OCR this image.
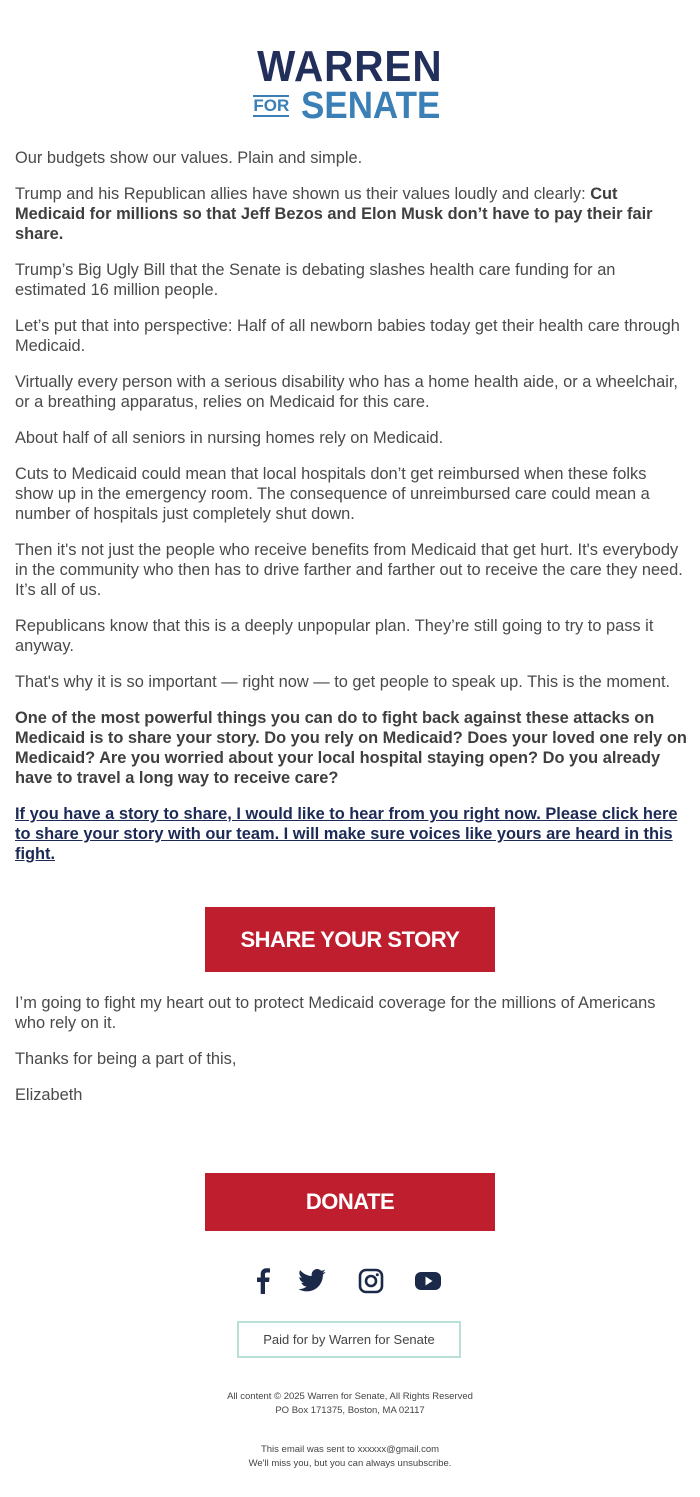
WARREN
FOR SENATE

Our budgets show our values. Plain and simple.

Trump and his Republican allies have shown us their values loudly and clearly: Cut Medicaid for millions so that Jeff Bezos and Elon Musk don’t have to pay their fair share.

Trump’s Big Ugly Bill that the Senate is debating slashes health care funding for an estimated 16 million people.

Let’s put that into perspective: Half of all newborn babies today get their health care through Medicaid.

Virtually every person with a serious disability who has a home health aide, or a wheelchair, or a breathing apparatus, relies on Medicaid for this care.

About half of all seniors in nursing homes rely on Medicaid.

Cuts to Medicaid could mean that local hospitals don’t get reimbursed when these folks show up in the emergency room. The consequence of unreimbursed care could mean a number of hospitals just completely shut down.

Then it's not just the people who receive benefits from Medicaid that get hurt. It's everybody in the community who then has to drive farther and farther out to receive the care they need. It’s all of us.

Republicans know that this is a deeply unpopular plan. They’re still going to try to pass it anyway.

That's why it is so important — right now — to get people to speak up. This is the moment.

One of the most powerful things you can do to fight back against these attacks on Medicaid is to share your story. Do you rely on Medicaid? Does your loved one rely on Medicaid? Are you worried about your local hospital staying open? Do you already have to travel a long way to receive care?

If you have a story to share, I would like to hear from you right now. Please click here to share your story with our team. I will make sure voices like yours are heard in this fight.

SHARE YOUR STORY

I’m going to fight my heart out to protect Medicaid coverage for the millions of Americans who rely on it.

Thanks for being a part of this,

Elizabeth

DONATE
Paid for by Warren for Senate
All content © 2025 Warren for Senate, All Rights Reserved
PO Box 171375, Boston, MA 02117
This email was sent to xxxxxx@gmail.com
We'll miss you, but you can always unsubscribe.
